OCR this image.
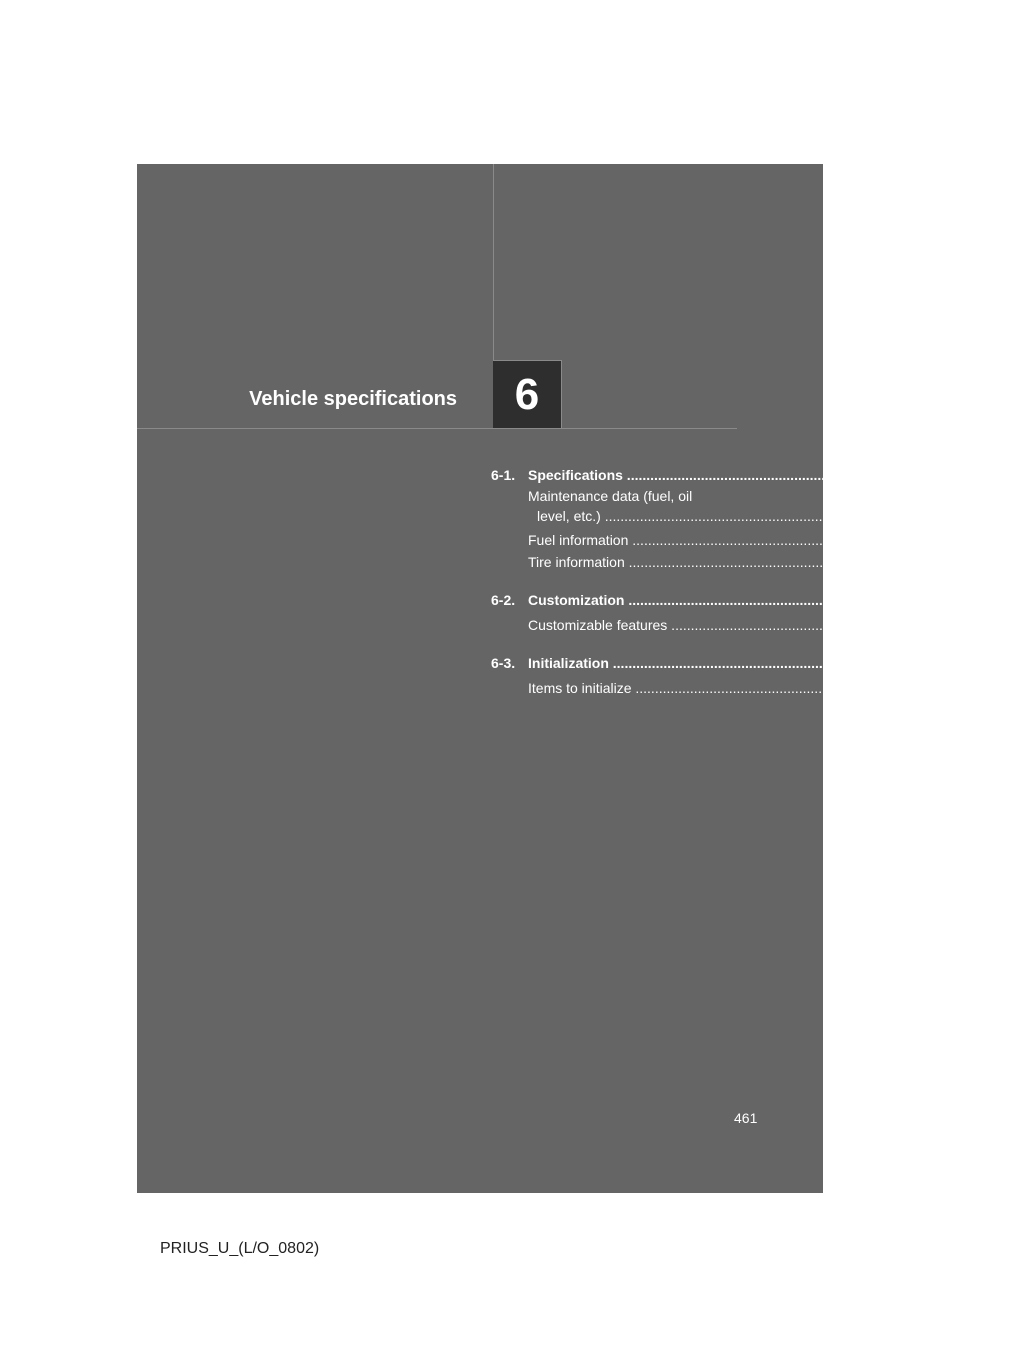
Vehicle specifications	6
6-1. Specifications .....	462
Maintenance data (fuel, oil
level, etc.) .....	462
Fuel information .....	472
Tire information .....	475
6-2. Customization .....	488
Customizable features .....	488
6-3. Initialization .....	491
Items to initialize .....	491
461
PRIUS_U_(L/O_0802)
